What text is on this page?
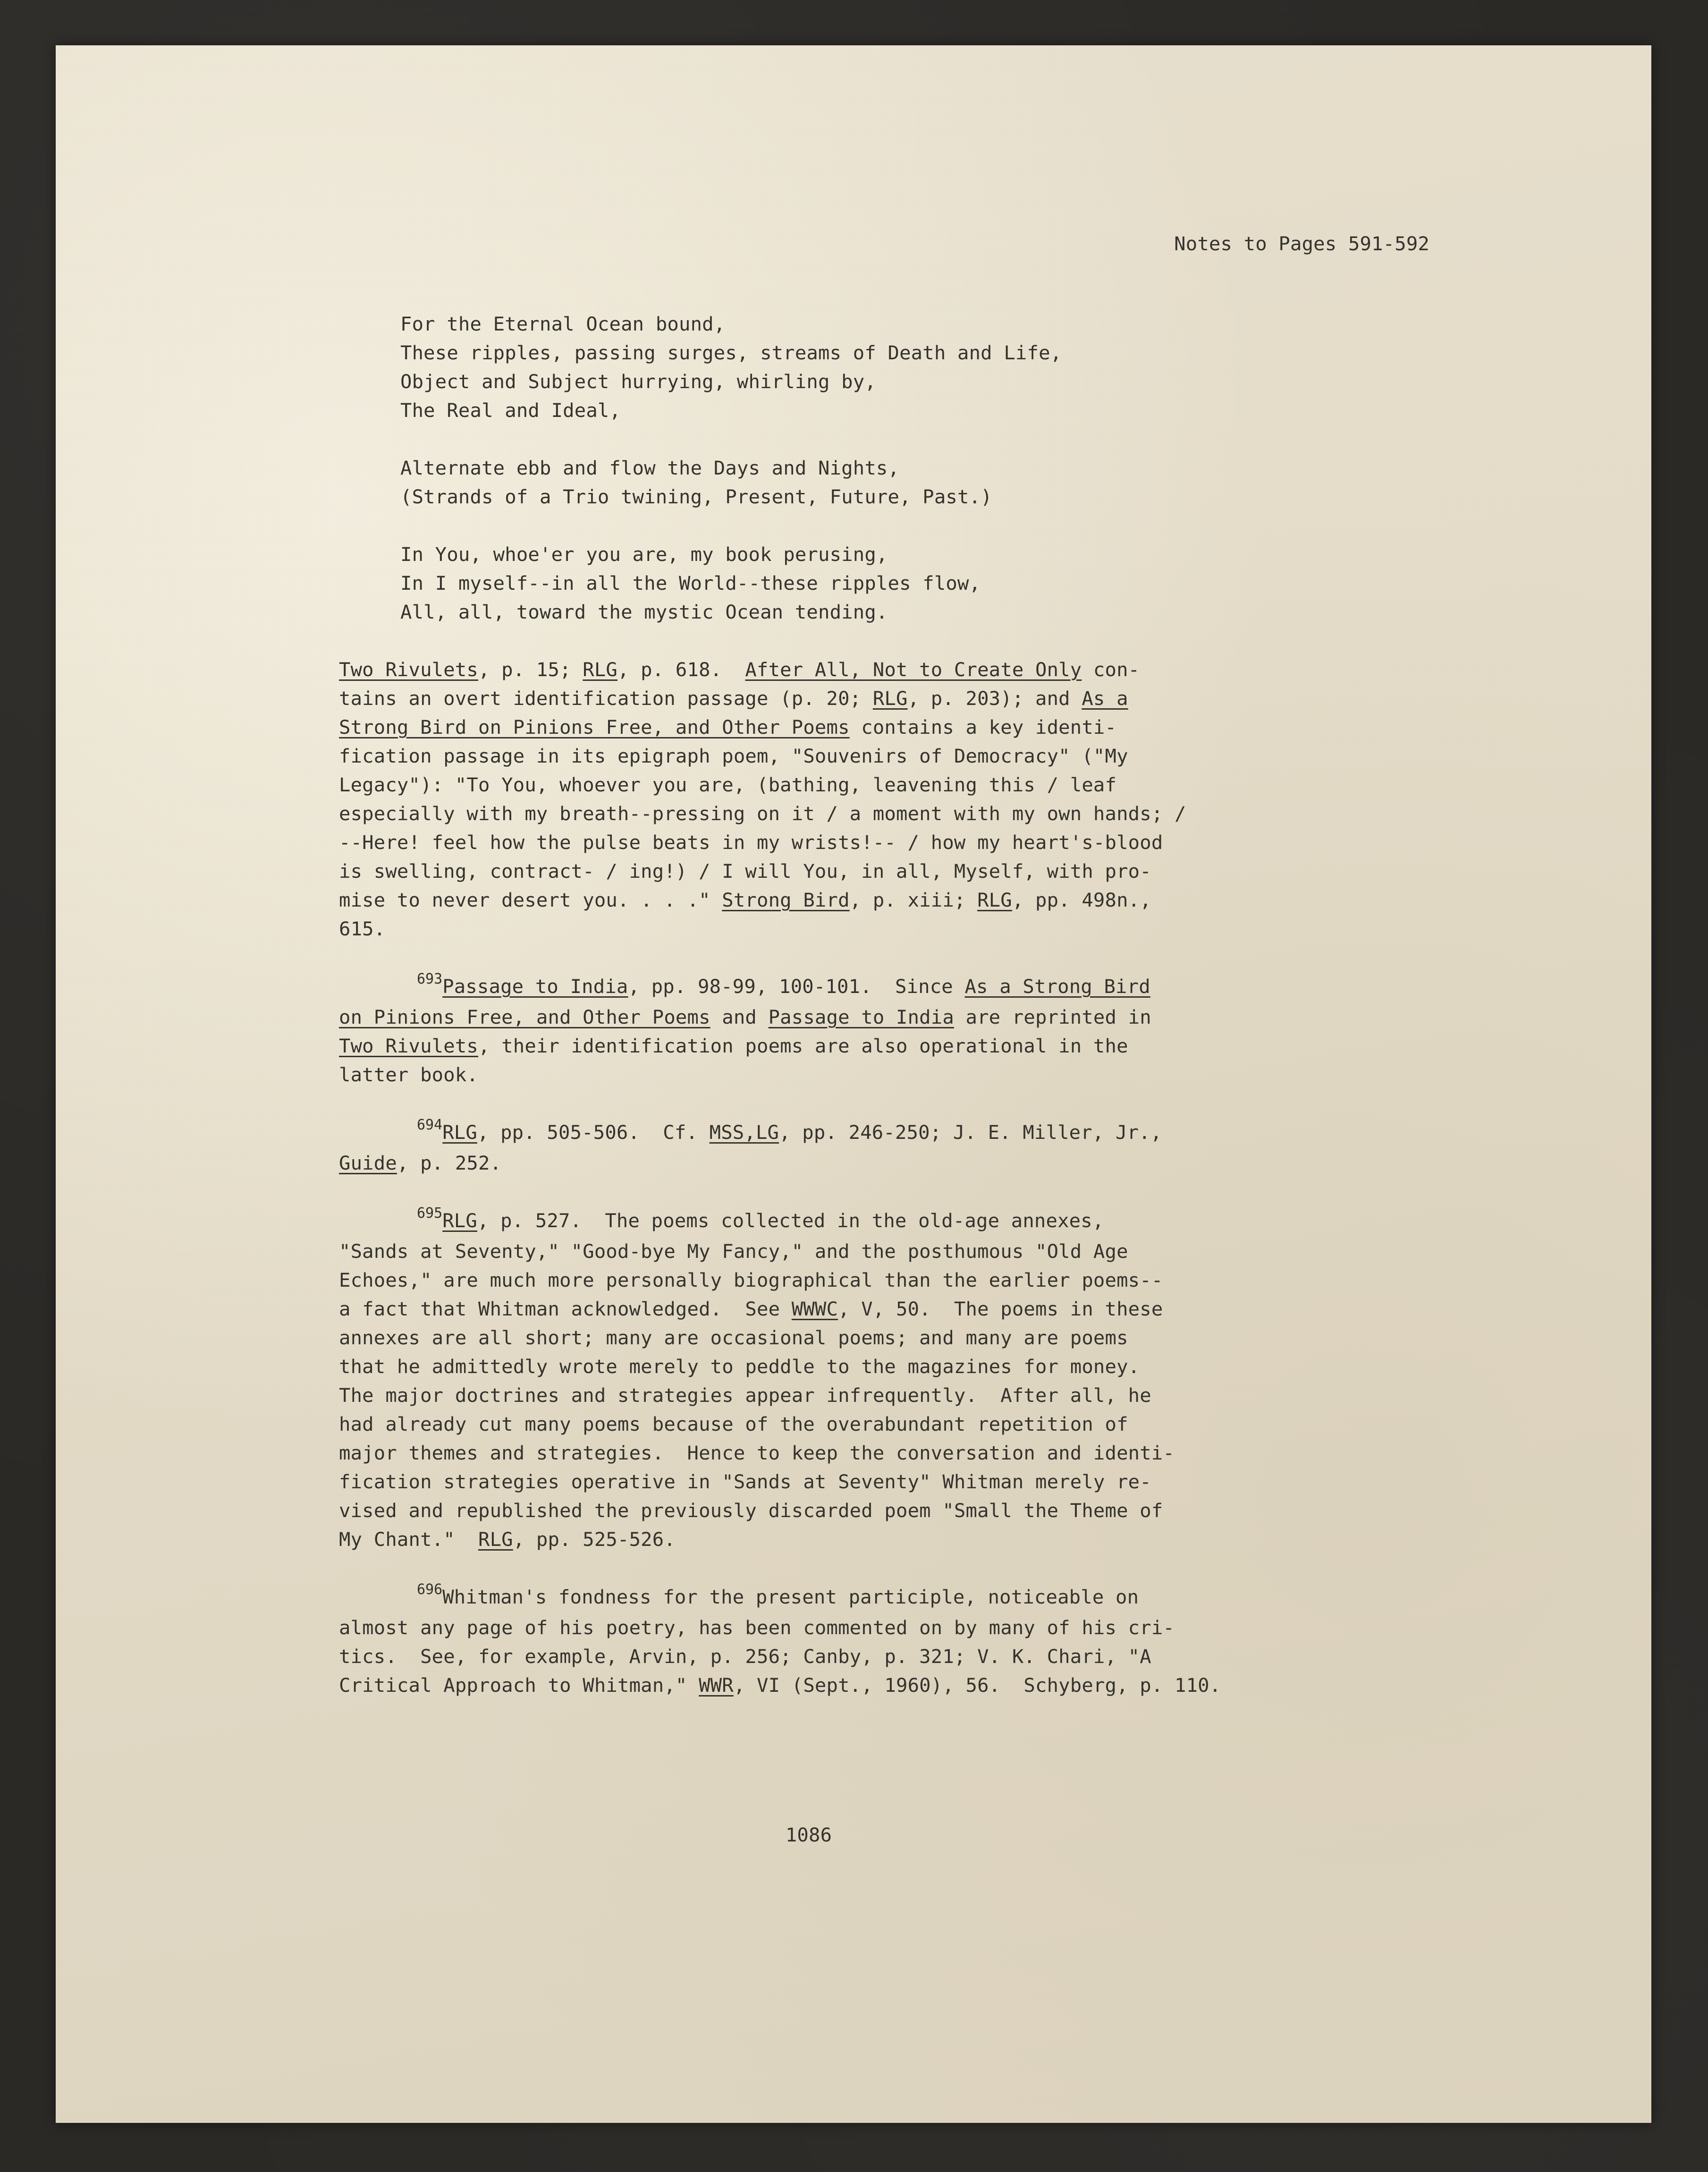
Notes to Pages 591-592
For the Eternal Ocean bound,
These ripples, passing surges, streams of Death and Life,
Object and Subject hurrying, whirling by,
The Real and Ideal,
Alternate ebb and flow the Days and Nights,
(Strands of a Trio twining, Present, Future, Past.)
In You, whoe'er you are, my book perusing,
In I myself--in all the World--these ripples flow,
All, all, toward the mystic Ocean tending.
Two Rivulets, p. 15; RLG, p. 618.  After All, Not to Create Only con-
tains an overt identification passage (p. 20; RLG, p. 203); and As a
Strong Bird on Pinions Free, and Other Poems contains a key identi-
fication passage in its epigraph poem, "Souvenirs of Democracy" ("My
Legacy"): "To You, whoever you are, (bathing, leavening this / leaf
especially with my breath--pressing on it / a moment with my own hands; /
--Here! feel how the pulse beats in my wrists!-- / how my heart's-blood
is swelling, contract- / ing!) / I will You, in all, Myself, with pro-
mise to never desert you. . . ." Strong Bird, p. xiii; RLG, pp. 498n.,
615.
$^{693}$Passage to India, pp. 98-99, 100-101.  Since As a Strong Bird
on Pinions Free, and Other Poems and Passage to India are reprinted in
Two Rivulets, their identification poems are also operational in the
latter book.
$^{694}$RLG, pp. 505-506.  Cf. MSS,LG, pp. 246-250; J. E. Miller, Jr.,
Guide, p. 252.
$^{695}$RLG, p. 527.  The poems collected in the old-age annexes,
"Sands at Seventy," "Good-bye My Fancy," and the posthumous "Old Age
Echoes," are much more personally biographical than the earlier poems--
a fact that Whitman acknowledged.  See WWWC, V, 50.  The poems in these
annexes are all short; many are occasional poems; and many are poems
that he admittedly wrote merely to peddle to the magazines for money.
The major doctrines and strategies appear infrequently.  After all, he
had already cut many poems because of the overabundant repetition of
major themes and strategies.  Hence to keep the conversation and identi-
fication strategies operative in "Sands at Seventy" Whitman merely re-
vised and republished the previously discarded poem "Small the Theme of
My Chant."  RLG, pp. 525-526.
$^{696}$Whitman's fondness for the present participle, noticeable on
almost any page of his poetry, has been commented on by many of his cri-
tics.  See, for example, Arvin, p. 256; Canby, p. 321; V. K. Chari, "A
Critical Approach to Whitman," WWR, VI (Sept., 1960), 56.  Schyberg, p. 110.
1086
